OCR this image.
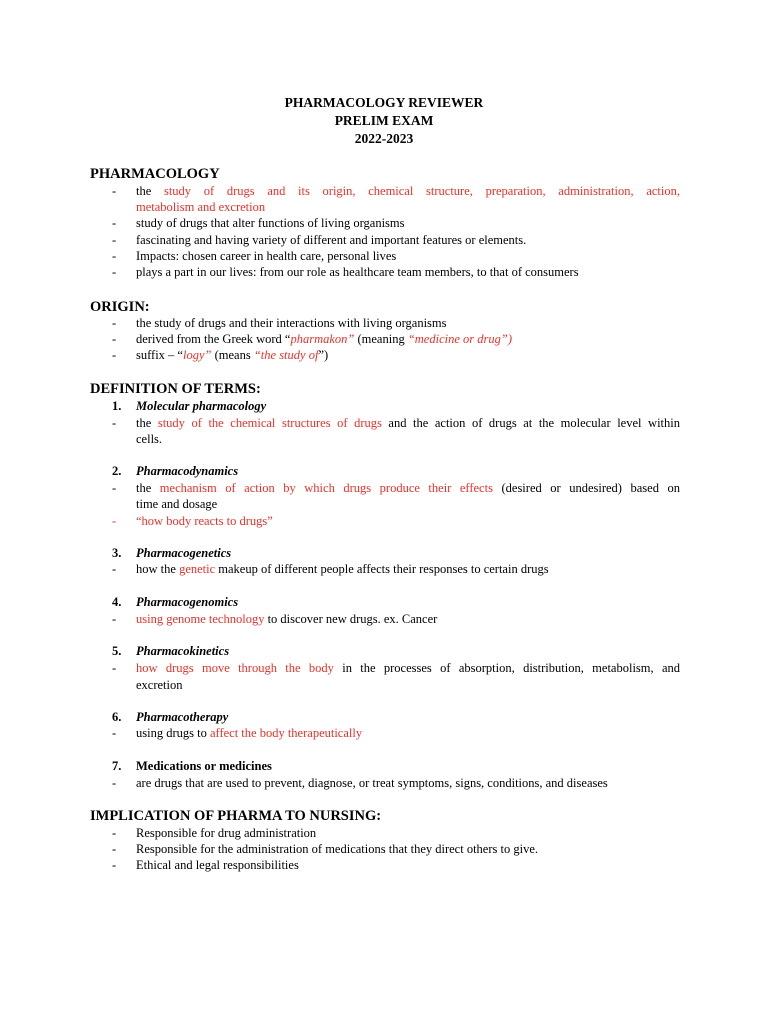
PHARMACOLOGY REVIEWER
PRELIM EXAM
2022-2023
PHARMACOLOGY
- the study of drugs and its origin, chemical structure, preparation, administration, action,
metabolism and excretion
- study of drugs that alter functions of living organisms
- fascinating and having variety of different and important features or elements.
- Impacts: chosen career in health care, personal lives
- plays a part in our lives: from our role as healthcare team members, to that of consumers
ORIGIN:
- the study of drugs and their interactions with living organisms
- derived from the Greek word “pharmakon” (meaning “medicine or drug”)
- suffix – “logy” (means “the study of”)
DEFINITION OF TERMS:
1. Molecular pharmacology
- the study of the chemical structures of drugs and the action of drugs at the molecular level within
cells.
2. Pharmacodynamics
- the mechanism of action by which drugs produce their effects (desired or undesired) based on
time and dosage
- “how body reacts to drugs”
3. Pharmacogenetics
- how the genetic makeup of different people affects their responses to certain drugs
4. Pharmacogenomics
- using genome technology to discover new drugs. ex. Cancer
5. Pharmacokinetics
- how drugs move through the body in the processes of absorption, distribution, metabolism, and
excretion
6. Pharmacotherapy
- using drugs to affect the body therapeutically
7. Medications or medicines
- are drugs that are used to prevent, diagnose, or treat symptoms, signs, conditions, and diseases
IMPLICATION OF PHARMA TO NURSING:
- Responsible for drug administration
- Responsible for the administration of medications that they direct others to give.
- Ethical and legal responsibilities
